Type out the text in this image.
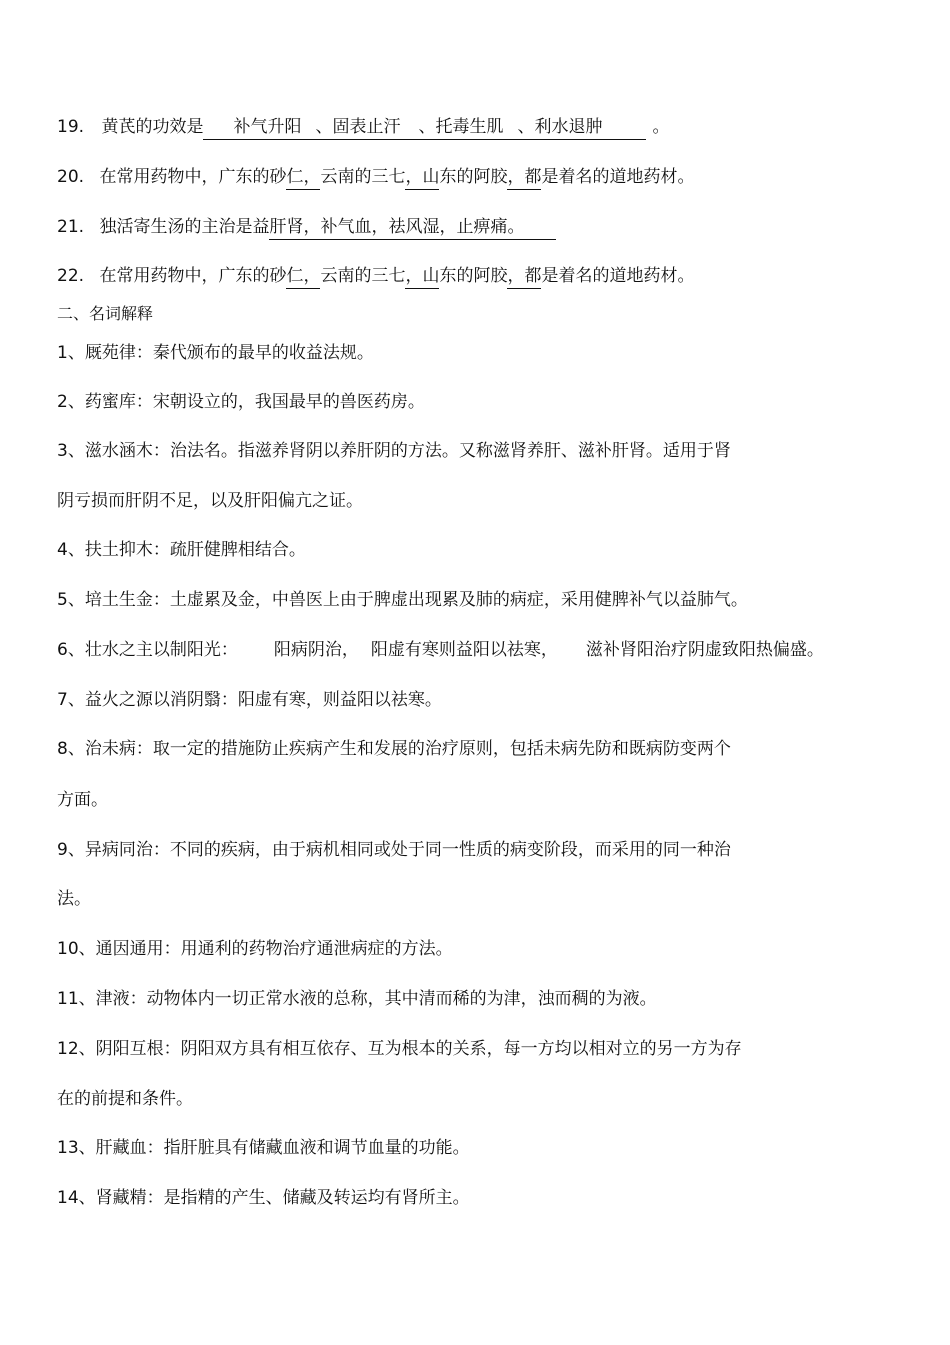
19. 黄芪的功效是 补气升阳 、固表止汗 、托毒生肌 、利水退肿	。
20. 在常用药物中，广东的砂仁，云南的三七，山东的阿胶，都是着名的道地药材。
21. 独活寄生汤的主治是益肝肾，补气血，祛风湿，止痹痛。
22. 在常用药物中，广东的砂仁，云南的三七，山东的阿胶，都是着名的道地药材。
二、名词解释
1、厩苑律：秦代颁布的最早的收益法规。
2、药蜜库：宋朝设立的，我国最早的兽医药房。
3、滋水涵木：治法名。指滋养肾阴以养肝阴的方法。又称滋肾养肝、滋补肝肾。适用于肾
阴亏损而肝阴不足，以及肝阳偏亢之证。
4、扶土抑木：疏肝健脾相结合。
5、培土生金：土虚累及金，中兽医上由于脾虚出现累及肺的病症，采用健脾补气以益肺气。
6、壮水之主以制阳光： 阳病阴治， 阳虚有寒则益阳以祛寒， 滋补肾阳治疗阴虚致阳热偏盛。
7、益火之源以消阴翳：阳虚有寒，则益阳以祛寒。
8、治未病：取一定的措施防止疾病产生和发展的治疗原则，包括未病先防和既病防变两个
方面。
9、异病同治：不同的疾病，由于病机相同或处于同一性质的病变阶段，而采用的同一种治
法。
10、通因通用：用通利的药物治疗通泄病症的方法。
11、津液：动物体内一切正常水液的总称，其中清而稀的为津，浊而稠的为液。
12、阴阳互根：阴阳双方具有相互依存、互为根本的关系，每一方均以相对立的另一方为存
在的前提和条件。
13、肝藏血：指肝脏具有储藏血液和调节血量的功能。
14、肾藏精：是指精的产生、储藏及转运均有肾所主。
